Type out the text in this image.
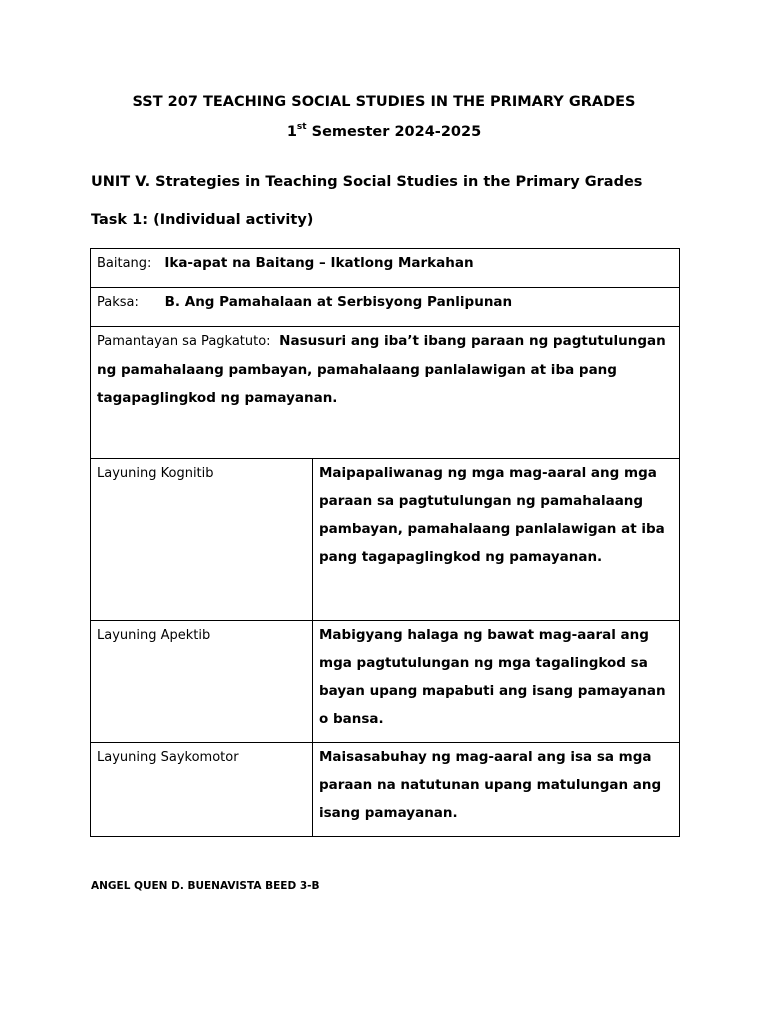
SST 207 TEACHING SOCIAL STUDIES IN THE PRIMARY GRADES
1st Semester 2024-2025
UNIT V. Strategies in Teaching Social Studies in the Primary Grades
Task 1: (Individual activity)
Baitang: Ika-apat na Baitang – Ikatlong Markahan	
Paksa: B. Ang Pamahalaan at Serbisyong Panlipunan	
Pamantayan sa Pagkatuto: Nasusuri ang iba’t ibang paraan ng pagtutulungan ng pamahalaang pambayan, pamahalaang panlalawigan at iba pang tagapaglingkod ng pamayanan.	
Layuning Kognitib	Maipapaliwanag ng mga mag-aaral ang mga paraan sa pagtutulungan ng pamahalaang pambayan, pamahalaang panlalawigan at iba pang tagapaglingkod ng pamayanan.
Layuning Apektib	Mabigyang halaga ng bawat mag-aaral ang mga pagtutulungan ng mga tagalingkod sa bayan upang mapabuti ang isang pamayanan o bansa.
Layuning Saykomotor	Maisasabuhay ng mag-aaral ang isa sa mga paraan na natutunan upang matulungan ang isang pamayanan.
ANGEL QUEN D. BUENAVISTA BEED 3-B
